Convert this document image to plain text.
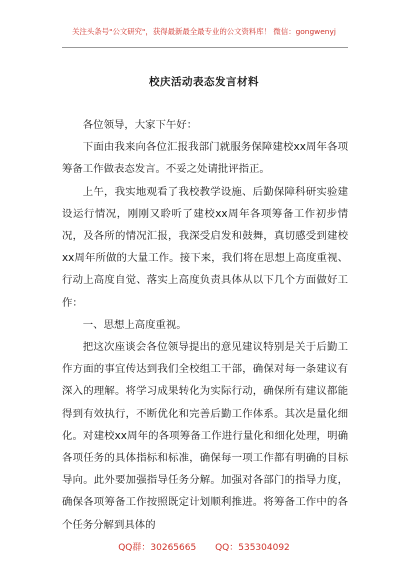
关注头条号"公文研究"，获得最新最全最专业的公文资料库！ 微信：gongwenyj
校庆活动表态发言材料

各位领导，大家下午好：

下面由我来向各位汇报我部门就服务保障建校xx周年各项筹备工作做表态发言。不妥之处请批评指正。

上午，我实地观看了我校教学设施、后勤保障科研实验建设运行情况，刚刚又聆听了建校xx周年各项筹备工作初步情况，及各所的情况汇报，我深受启发和鼓舞，真切感受到建校xx周年所做的大量工作。接下来，我们将在思想上高度重视、行动上高度自觉、落实上高度负责具体从以下几个方面做好工作：

一、思想上高度重视。

把这次座谈会各位领导提出的意见建议特别是关于后勤工作方面的事宜传达到我们全校组工干部，确保对每一条建议有深入的理解。将学习成果转化为实际行动，确保所有建议都能得到有效执行，不断优化和完善后勤工作体系。其次是量化细化。对建校xx周年的各项筹备工作进行量化和细化处理，明确各项任务的具体指标和标准，确保每一项工作都有明确的目标导向。此外要加强指导任务分解。加强对各部门的指导力度，确保各项筹备工作按照既定计划顺利推进。将筹备工作中的各个任务分解到具体的

QQ群：30265665 QQ：535304092
